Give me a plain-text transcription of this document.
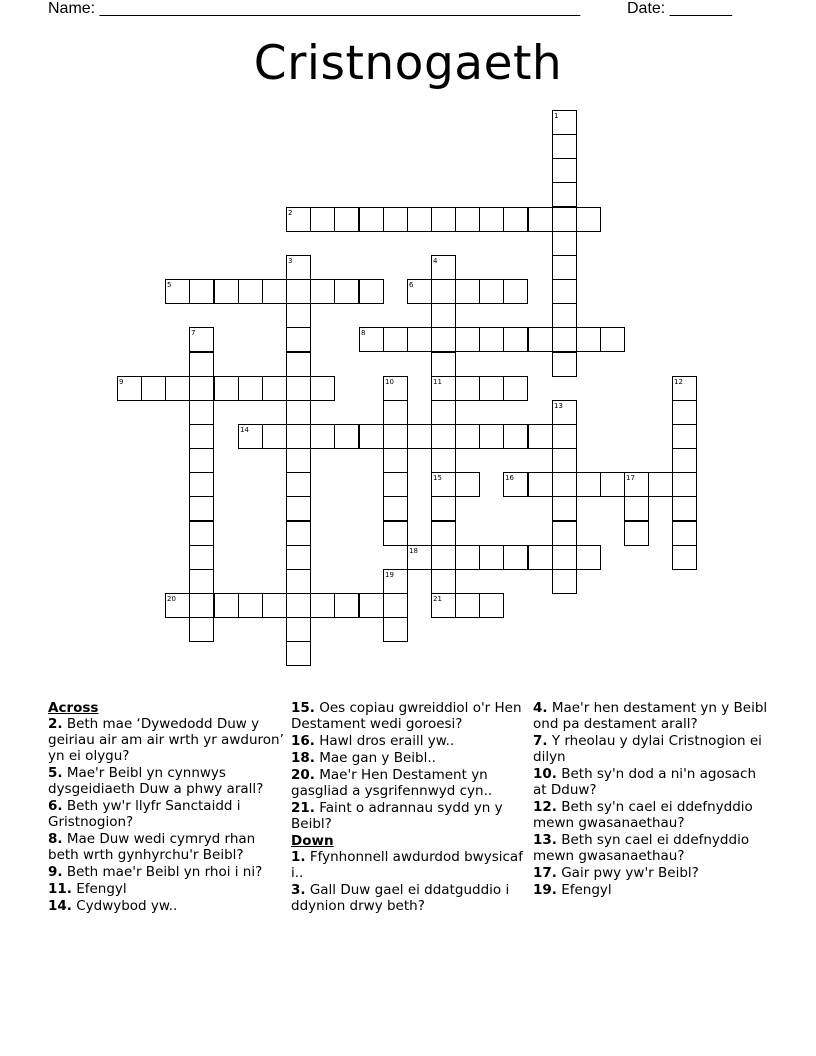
Name: ______________________________________________________	Date: _______
Cristnogaeth
2
5	6
8
9	11
14
15	16
18
20	21
1
3	4
7
10	12
13
17
19
Across
2. Beth mae ‘Dywedodd Duw y geiriau air am air wrth yr awduron’ yn ei olygu?
5. Mae'r Beibl yn cynnwys dysgeidiaeth Duw a phwy arall?
6. Beth yw'r llyfr Sanctaidd i Gristnogion?
8. Mae Duw wedi cymryd rhan beth wrth gynhyrchu'r Beibl?
9. Beth mae'r Beibl yn rhoi i ni?
11. Efengyl
14. Cydwybod yw..
15. Oes copiau gwreiddiol o'r Hen Destament wedi goroesi?
16. Hawl dros eraill yw..
18. Mae gan y Beibl..
20. Mae'r Hen Destament yn gasgliad a ysgrifennwyd cyn..
21. Faint o adrannau sydd yn y Beibl?
Down
1. Ffynhonnell awdurdod bwysicaf i..
3. Gall Duw gael ei ddatguddio i ddynion drwy beth?
4. Mae'r hen destament yn y Beibl ond pa destament arall?
7. Y rheolau y dylai Cristnogion ei dilyn
10. Beth sy'n dod a ni'n agosach at Dduw?
12. Beth sy'n cael ei ddefnyddio mewn gwasanaethau?
13. Beth syn cael ei ddefnyddio mewn gwasanaethau?
17. Gair pwy yw'r Beibl?
19. Efengyl
